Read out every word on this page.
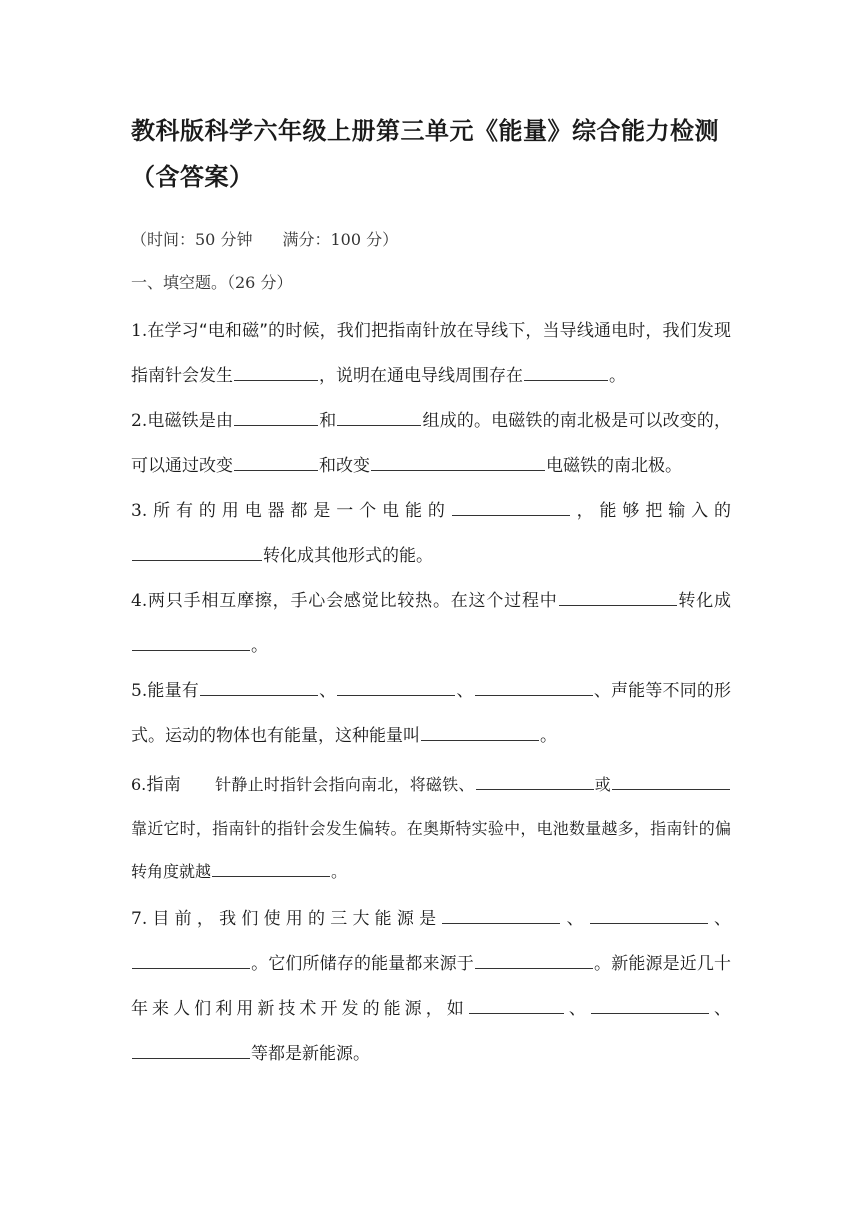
教科版科学六年级上册第三单元《能量》综合能力检测
（含答案）
（时间：50 分钟 满分：100 分）
一、填空题。（26 分）

1.在学习“电和磁”的时候，我们把指南针放在导线下，当导线通电时，我们发现指南针会发生	，说明在通电导线周围存在	。

2.电磁铁是由	和	组成的。电磁铁的南北极是可以改变的，可以通过改变	和改变	电磁铁的南北极。

3.所有的用电器都是一个电能的	，能够把输入的转化成其他形式的能。

4.两只手相互摩擦，手心会感觉比较热。在这个过程中	转化成。

5.能量有	、	、	、声能等不同的形式。运动的物体也有能量，这种能量叫	。

6.指南 针静止时指针会指向南北，将磁铁、	或靠近它时，指南针的指针会发生偏转。在奥斯特实验中，电池数量越多，指南针的偏转角度就越	。

7.目前，我们使用的三大能源是	、	、。它们所储存的能量都来源于	。新能源是近几十年来人们利用新技术开发的能源，如	、	、等都是新能源。
